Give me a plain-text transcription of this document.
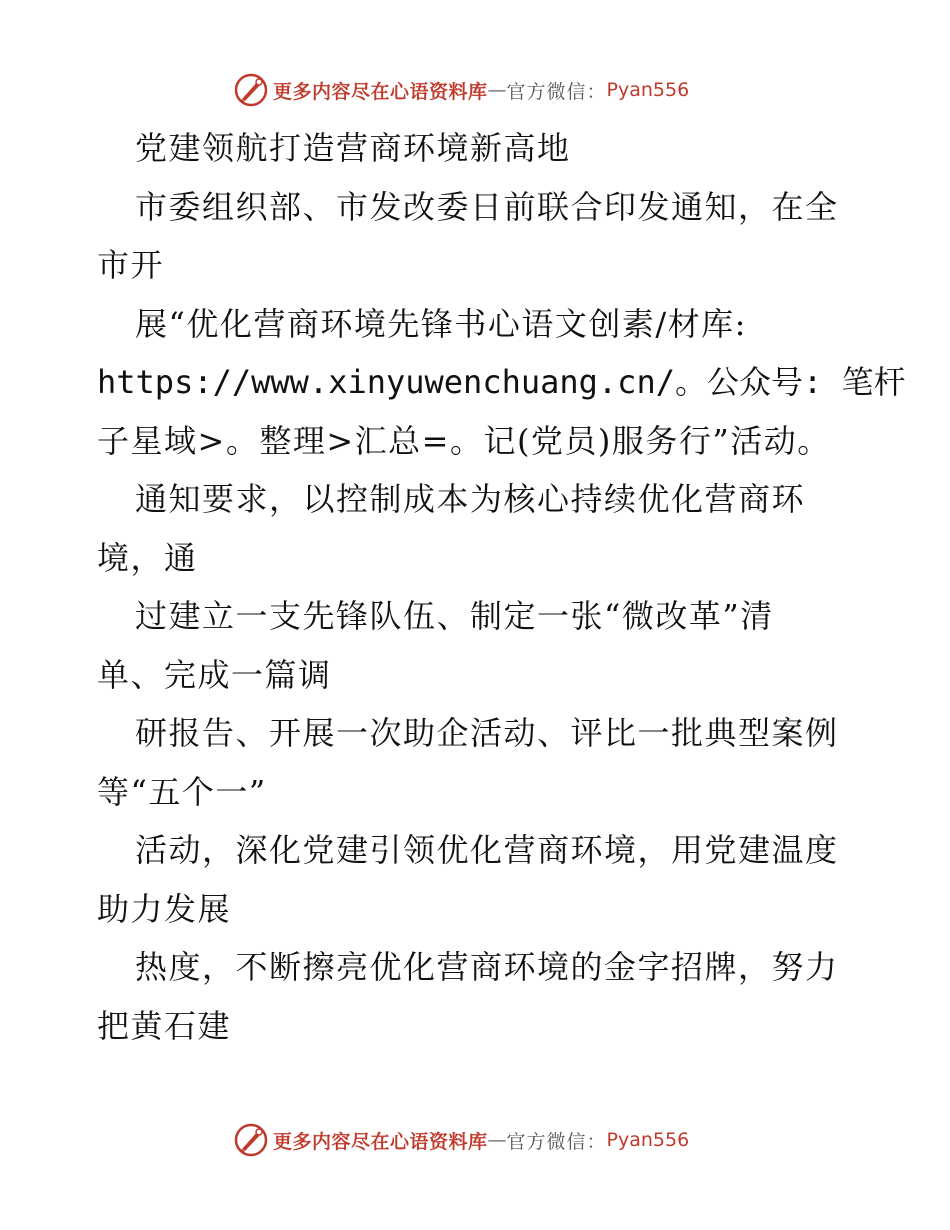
更多内容尽在心语资料库 — 官方微信： Pyan556
党建领航打造营商环境新高地
市委组织部、市发改委日前联合印发通知，在全
市开
展“优化营商环境先锋书心语文创素/材库:
https://www.xinyuwenchuang.cn/。公众号: 笔杆
子星域>。整理>汇总=。记(党员)服务行”活动。
通知要求，以控制成本为核心持续优化营商环
境，通
过建立一支先锋队伍、制定一张“微改革”清
单、完成一篇调
研报告、开展一次助企活动、评比一批典型案例
等“五个一”
活动，深化党建引领优化营商环境，用党建温度
助力发展
热度，不断擦亮优化营商环境的金字招牌，努力
把黄石建
更多内容尽在心语资料库 — 官方微信： Pyan556
